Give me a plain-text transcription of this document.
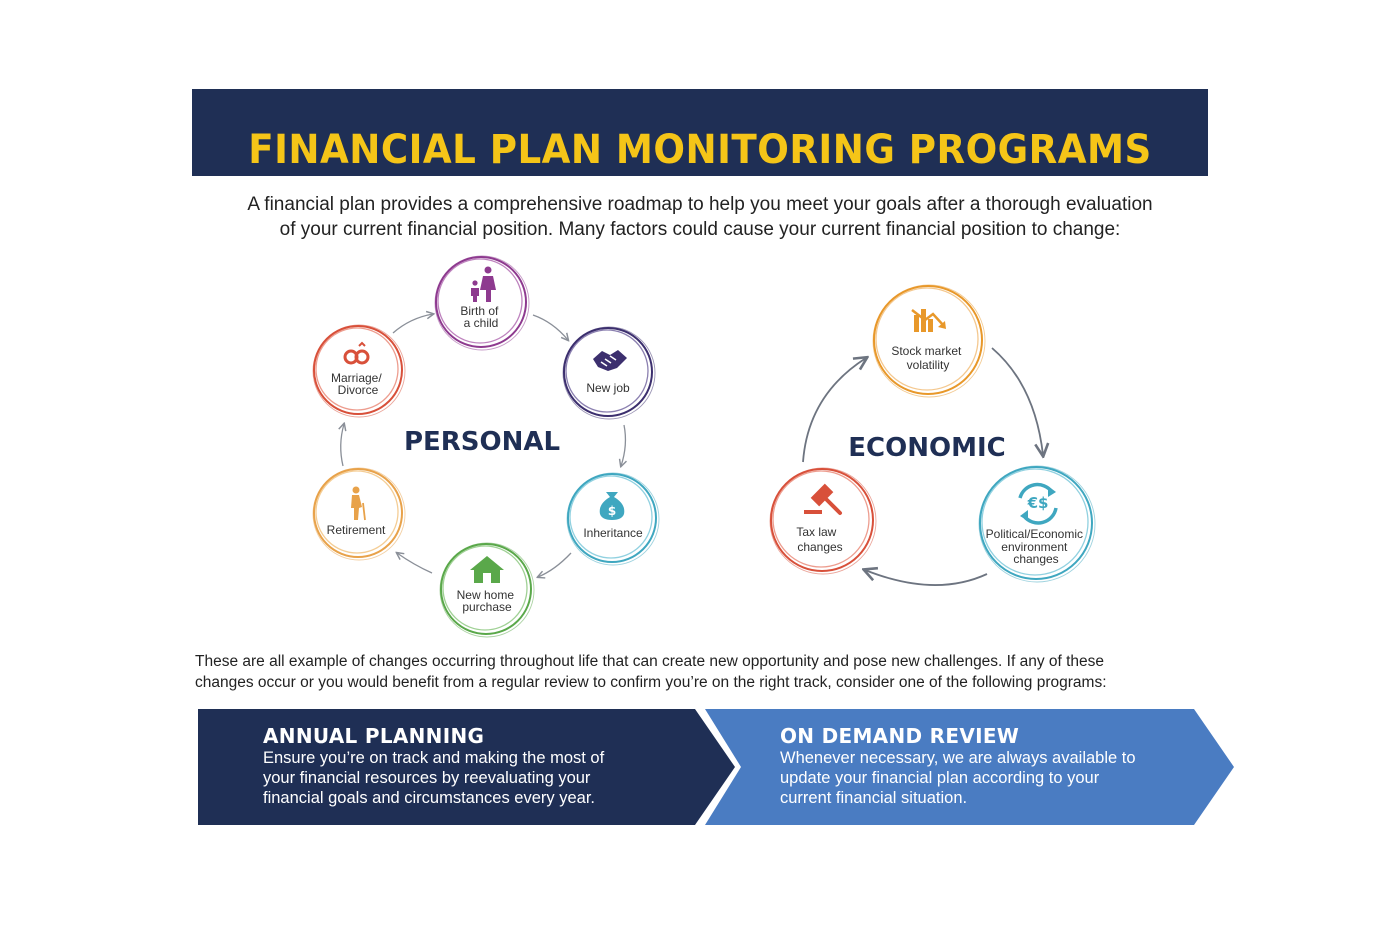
FINANCIAL PLAN MONITORING PROGRAMS
A financial plan provides a comprehensive roadmap to help you meet your goals after a thorough evaluation
of your current financial position. Many factors could cause your current financial position to change:
Birth of a child
New job
$
Inheritance
New home purchase
Retirement
Marriage/ Divorce
PERSONAL
Stock market volatility
€$
Political/Economic environment changes
Tax law changes
ECONOMIC
These are all example of changes occurring throughout life that can create new opportunity and pose new challenges. If any of these
changes occur or you would benefit from a regular review to confirm you’re on the right track, consider one of the following programs:
ANNUAL PLANNING

Ensure you’re on track and making the most of

your financial resources by reevaluating your

financial goals and circumstances every year.

ON DEMAND REVIEW

Whenever necessary, we are always available to

update your financial plan according to your

current financial situation.
